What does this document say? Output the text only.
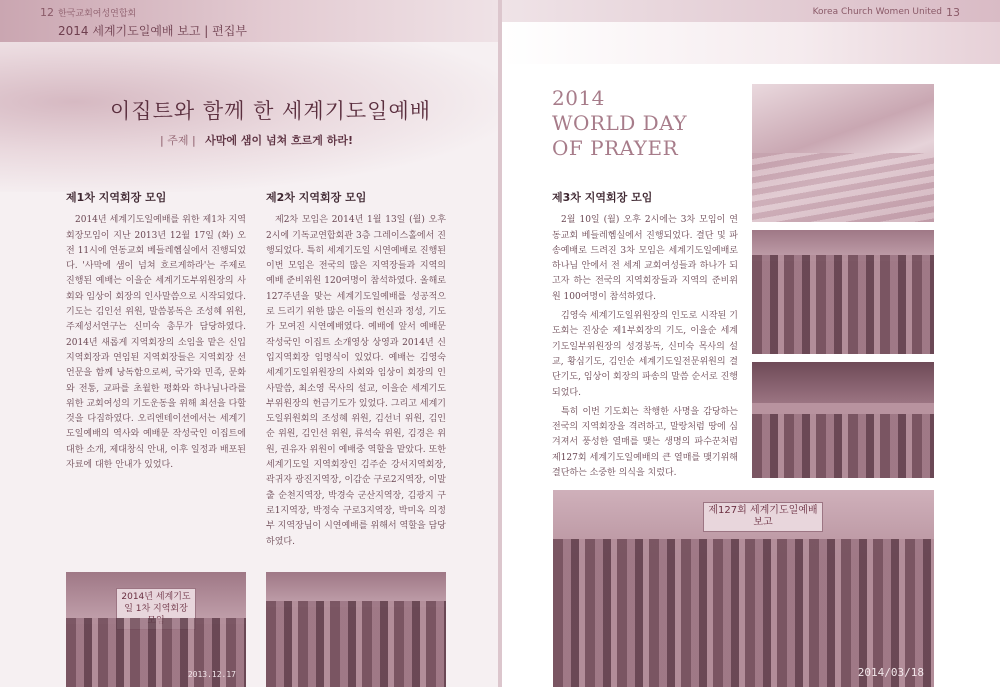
12 한국교회여성연합회
2014 세계기도일예배 보고 | 편집부
이집트와 함께 한 세계기도일예배
| 주제 | 사막에 샘이 넘쳐 흐르게 하라!
제1차 지역회장 모임

2014년 세계기도일예배를 위한 제1차 지역회장모임이 지난 2013년 12월 17일 (화) 오전 11시에 연동교회 베들레헴실에서 진행되었다. '사막에 샘이 넘쳐 흐르게하라'는 주제로 진행된 예배는 이을순 세계기도부위원장의 사회와 임상이 회장의 인사말씀으로 시작되었다. 기도는 김인선 위원, 말씀봉독은 조성혜 위원, 주제성서연구는 신미숙 총무가 담당하였다. 2014년 새롭게 지역회장의 소임을 맡은 신입 지역회장과 연임된 지역회장들은 지역회장 선언문을 함께 낭독함으로써, 국가와 민족, 문화와 전통, 교파를 초월한 평화와 하나님나라를 위한 교회여성의 기도운동을 위해 최선을 다할 것을 다짐하였다. 오리엔테이션에서는 세계기도일예배의 역사와 예배문 작성국인 이집트에 대한 소개, 제대창식 안내, 이후 일정과 배포된 자료에 대한 안내가 있었다.

제2차 지역회장 모임

제2차 모임은 2014년 1월 13일 (월) 오후 2시에 기독교연합회관 3층 그레이스홀에서 진행되었다. 특히 세계기도일 시연예배로 진행된 이번 모임은 전국의 많은 지역장들과 지역의 예배 준비위원 120여명이 참석하였다. 올해로 127주년을 맞는 세계기도일예배를 성공적으로 드리기 위한 많은 이들의 헌신과 정성, 기도가 모여진 시연예배였다. 예배에 앞서 예배문 작성국인 이집트 소개영상 상영과 2014년 신입지역회장 임명식이 있었다. 예배는 김영숙 세계기도일위원장의 사회와 임상이 회장의 인사말씀, 최소영 목사의 설교, 이을순 세계기도부위원장의 헌금기도가 있었다. 그리고 세계기도일위원회의 조성혜 위원, 김선너 위원, 김인순 위원, 김인선 위원, 류석숙 위원, 김경은 위원, 권유자 위원이 예배중 역할을 맡았다. 또한 세계기도일 지역회장인 김주순 강서지역회장, 곽귀자 광진지역장, 이감순 구로2지역장, 이말출 순천지역장, 박경숙 군산지역장, 김광지 구로1지역장, 박정숙 구로3지역장, 박미옥 의정부 지역장님이 시연예배를 위해서 역할을 담당하였다.

2014년 세계기도일 1차 지역회장
2013.12.17
Korea Church Women United 13
2014
WORLD DAY
OF PRAYER
제3차 지역회장 모임

2월 10일 (월) 오후 2시에는 3차 모임이 연동교회 베들레헴실에서 진행되었다. 결단 및 파송예배로 드려진 3차 모임은 세계기도일예배로 하나님 안에서 전 세계 교회여성들과 하나가 되고자 하는 전국의 지역회장들과 지역의 준비위원 100여명이 참석하였다.

김영숙 세계기도일위원장의 인도로 시작된 기도회는 진상순 제1부회장의 기도, 이을순 세계기도일부위원장의 성경봉독, 신미숙 목사의 설교, 황심기도, 김인순 세계기도일전문위원의 결단기도, 임상이 회장의 파송의 말씀 순서로 진행되었다.

특히 이번 기도회는 착행한 사명을 감당하는 전국의 지역회장을 격려하고, 말랑처럼 땅에 심겨져서 풍성한 열매를 맺는 생명의 파수꾼처럼 제127회 세계기도일예배의 큰 열매를 맺기위해 결단하는 소중한 의식을 치렀다.

제127회 세계기도일예배 보고
2014/03/18
